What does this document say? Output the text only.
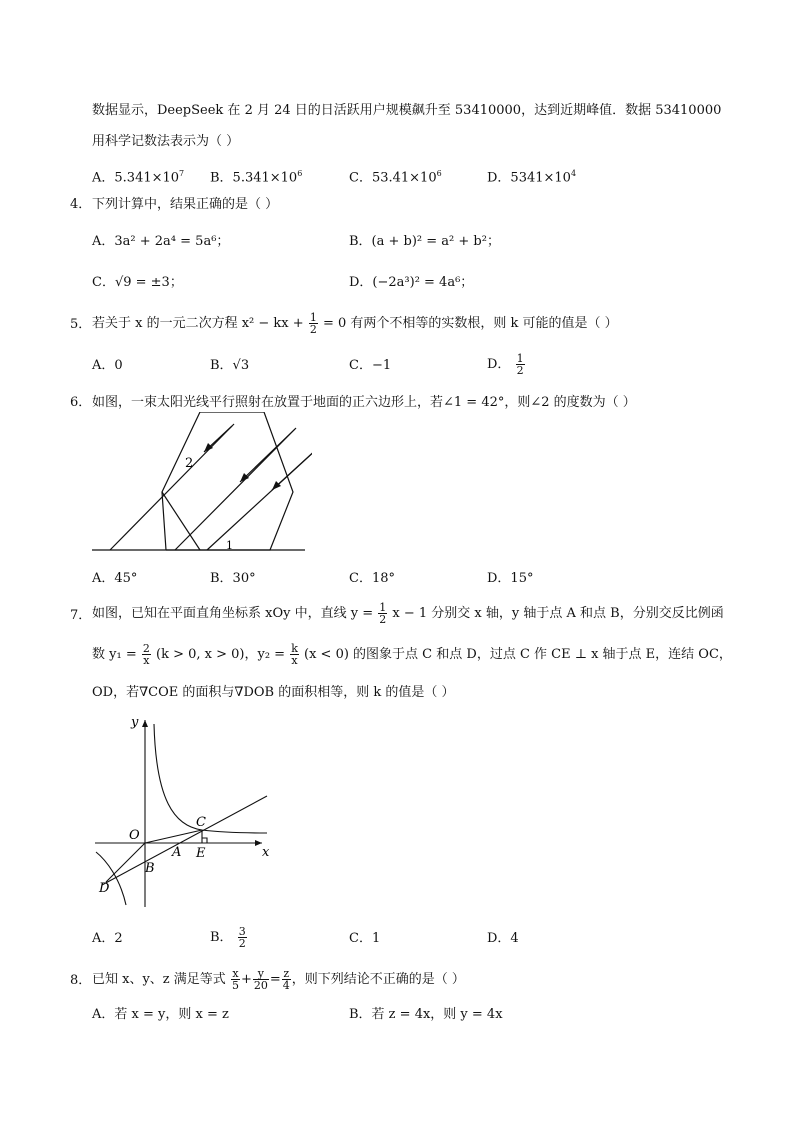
数据显示，DeepSeek 在 2 月 24 日的日活跃用户规模飙升至 53410000，达到近期峰值．数据 53410000
用科学记数法表示为（ ）
A．$5.341\times 10^7$ B．$5.341\times 10^6$	C．$53.41\times 10^6$	D．$5341\times 10^4$
4． 下列计算中，结果正确的是（ ）
A．3a² + 2a⁴ = 5a⁶；	B．(a + b)² = a² + b²；
C．√9 = ±3；	D．(−2a³)² = 4a⁶；
5． 若关于 x 的一元二次方程 x² − kx + $\frac{1}{2} = 0$ 有两个不相等的实数根，则 k 可能的值是（ ）
A．0	B．√3	C．−1	D． $\frac{1}{2}$
6． 如图，一束太阳光线平行照射在放置于地面的正六边形上，若∠1 = 42°，则∠2 的度数为（ ）
2
1
A．45°	B．30°	C．18°	D．15°
7． 如图，已知在平面直角坐标系 xOy 中，直线 $y = \frac{1}{2}$ x − 1 分别交 x 轴，y 轴于点 A 和点 B，分别交反比例函
数 $y_1 = \frac{2}{x} (k > 0$, x > 0)，$y_2 = \frac{k}{x} (x < 0)$ 的图象于点 C 和点 D，过点 C 作 CE ⊥ x 轴于点 E，连结 OC，
OD，若∇COE 的面积与∇DOB 的面积相等，则 k 的值是（ ）
y
x
O
C
A E
B
D
A．2	B． $\frac{3}{2}$	C．1	D．4
8． 已知 x、y、z 满足等式 $\frac{x}{5} + \frac{y}{20} = \frac{z}{4}$ ，则下列结论不正确的是（ ）
A．若 x = y，则 x = z	B．若 z = 4x，则 y = 4x
